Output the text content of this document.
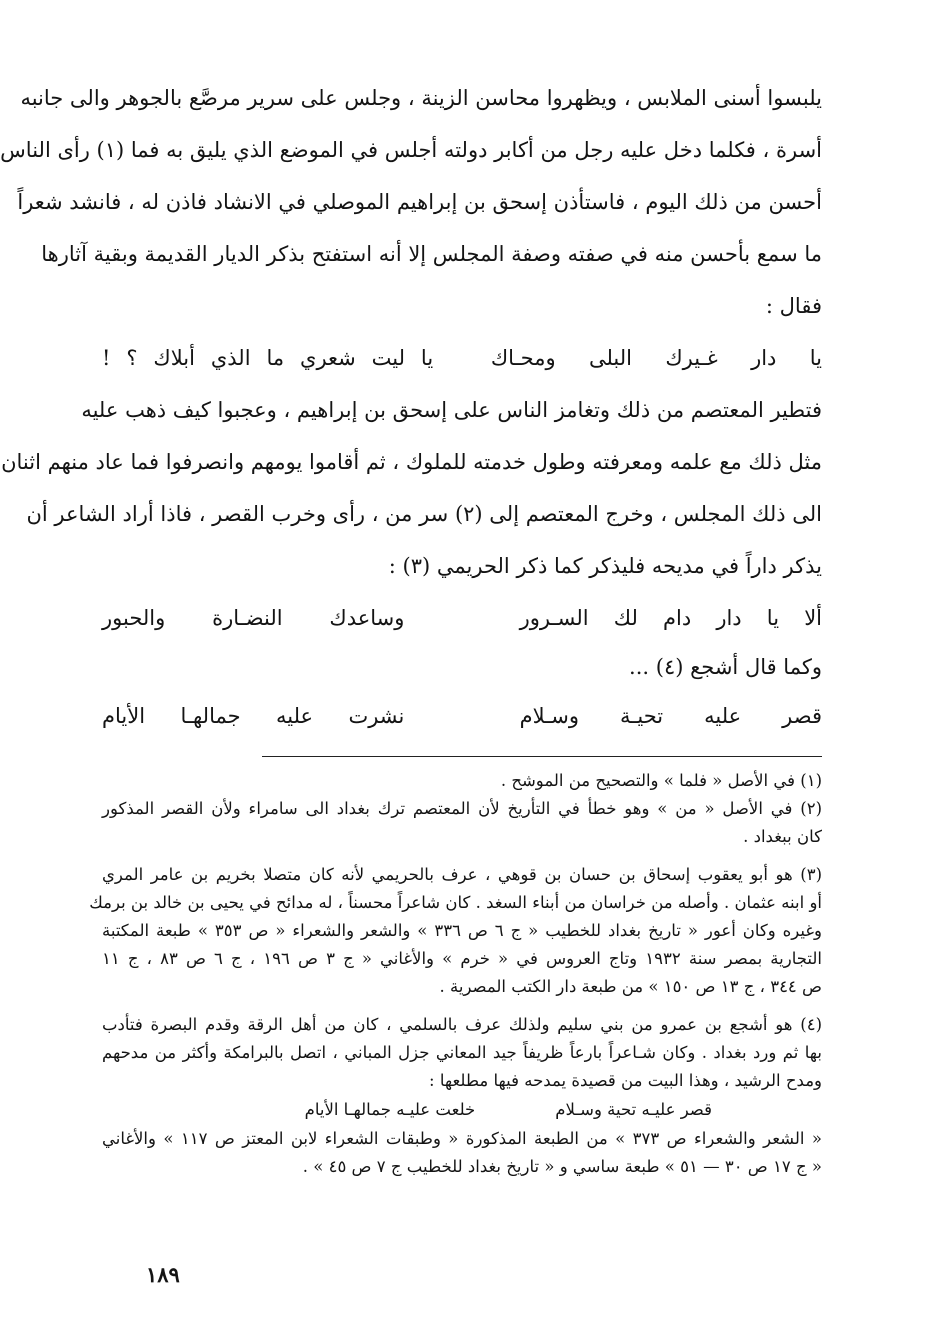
يلبسوا أسنى الملابس ، ويظهروا محاسن الزينة ، وجلس على سرير مرصَّع بالجوهر والى جانبه
أسرة ، فكلما دخل عليه رجل من أكابر دولته أجلس في الموضع الذي يليق به فما (١) رأى الناس
أحسن من ذلك اليوم ، فاستأذن إسحق بن إبراهيم الموصلي في الانشاد فاذن له ، فانشد شعراً
ما سمع بأحسن منه في صفته وصفة المجلس إلا أنه استفتح بذكر الديار القديمة وبقية آثارها
فقال :
يا دار غـيرك البلى ومحـاك
يا ليت شعري ما الذي أبلاك ؟ !
فتطير المعتصم من ذلك وتغامز الناس على إسحق بن إبراهيم ، وعجبوا كيف ذهب عليه
مثل ذلك مع علمه ومعرفته وطول خدمته للملوك ، ثم أقاموا يومهم وانصرفوا فما عاد منهم اثنان
الى ذلك المجلس ، وخرج المعتصم إلى (٢) سر من ، رأى وخرب القصر ، فاذا أراد الشاعر أن
يذكر داراً في مديحه فليذكر كما ذكر الحريمي (٣) :
ألا يا دار دام لك السـرور
وساعدك النضـارة والحبور
وكما قال أشجع (٤) ...
قصر عليه تحيـة وسـلام
نشرت عليه جمالهـا الأيام
(١) في الأصل « فلما » والتصحيح من الموشح .
(٢) في الأصل « من » وهو خطأ في التأريخ لأن المعتصم ترك بغداد الى سامراء ولأن القصر المذكور
كان ببغداد .
(٣) هو أبو يعقوب إسحاق بن حسان بن قوهي ، عرف بالحريمي لأنه كان متصلا بخريم بن عامر المري
أو ابنه عثمان . وأصله من خراسان من أبناء السغد . كان شاعراً محسناً ، له مدائح في يحيى بن خالد بن برمك
وغيره وكان أعور « تاريخ بغداد للخطيب « ج ٦ ص ٣٣٦ » والشعر والشعراء « ص ٣٥٣ » طبعة المكتبة
التجارية بمصر سنة ١٩٣٢ وتاج العروس في « خرم » والأغاني « ج ٣ ص ١٩٦ ، ج ٦ ص ٨٣ ، ج ١١
ص ٣٤٤ ، ج ١٣ ص ١٥٠ » من طبعة دار الكتب المصرية .
(٤) هو أشجع بن عمرو من بني سليم ولذلك عرف بالسلمي ، كان من أهل الرقة وقدم البصرة فتأدب
بها ثم ورد بغداد . وكان شـاعراً بارعاً ظريفاً جيد المعاني جزل المباني ، اتصل بالبرامكة وأكثر من مدحهم
ومدح الرشيد ، وهذا البيت من قصيدة يمدحه فيها مطلعها :
قصر عليـه تحية وسـلام
خلعت عليـه جمالهـا الأيام
« الشعر والشعراء ص ٣٧٣ » من الطبعة المذكورة « وطبقات الشعراء لابن المعتز ص ١١٧ » والأغاني
« ج ١٧ ص ٣٠ — ٥١ » طبعة ساسي و « تاريخ بغداد للخطيب ج ٧ ص ٤٥ » .
١٨٩
